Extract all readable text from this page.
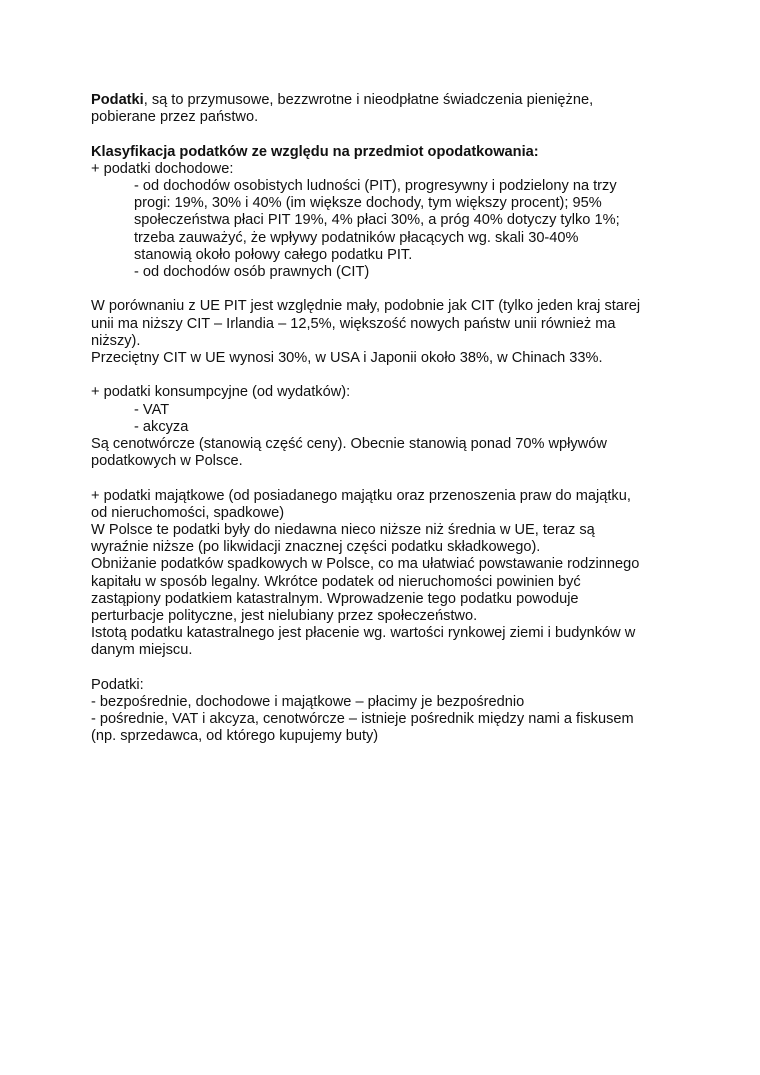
Podatki, są to przymusowe, bezzwrotne i nieodpłatne świadczenia pieniężne,
pobierane przez państwo.
Klasyfikacja podatków ze względu na przedmiot opodatkowania:
+ podatki dochodowe:
- od dochodów osobistych ludności (PIT), progresywny i podzielony na trzy
progi: 19%, 30% i 40% (im większe dochody, tym większy procent); 95%
społeczeństwa płaci PIT 19%, 4% płaci 30%, a próg 40% dotyczy tylko 1%;
trzeba zauważyć, że wpływy podatników płacących wg. skali 30-40%
stanowią około połowy całego podatku PIT.
- od dochodów osób prawnych (CIT)
W porównaniu z UE PIT jest względnie mały, podobnie jak CIT (tylko jeden kraj starej
unii ma niższy CIT – Irlandia – 12,5%, większość nowych państw unii również ma
niższy).
Przeciętny CIT w UE wynosi 30%, w USA i Japonii około 38%, w Chinach 33%.
+ podatki konsumpcyjne (od wydatków):
- VAT
- akcyza
Są cenotwórcze (stanowią część ceny). Obecnie stanowią ponad 70% wpływów
podatkowych w Polsce.
+ podatki majątkowe (od posiadanego majątku oraz przenoszenia praw do majątku,
od nieruchomości, spadkowe)
W Polsce te podatki były do niedawna nieco niższe niż średnia w UE, teraz są
wyraźnie niższe (po likwidacji znacznej części podatku składkowego).
Obniżanie podatków spadkowych w Polsce, co ma ułatwiać powstawanie rodzinnego
kapitału w sposób legalny. Wkrótce podatek od nieruchomości powinien być
zastąpiony podatkiem katastralnym. Wprowadzenie tego podatku powoduje
perturbacje polityczne, jest nielubiany przez społeczeństwo.
Istotą podatku katastralnego jest płacenie wg. wartości rynkowej ziemi i budynków w
danym miejscu.
Podatki:
- bezpośrednie, dochodowe i majątkowe – płacimy je bezpośrednio
- pośrednie, VAT i akcyza, cenotwórcze – istnieje pośrednik między nami a fiskusem
(np. sprzedawca, od którego kupujemy buty)
